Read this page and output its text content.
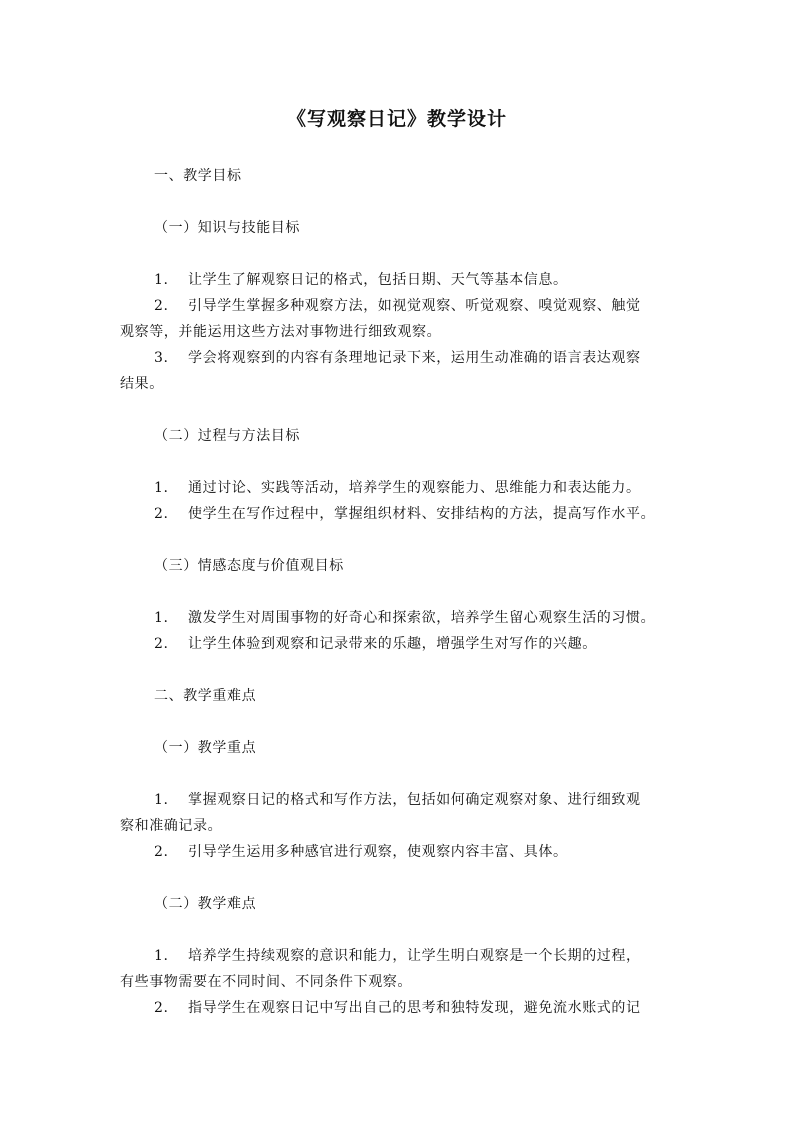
《写观察日记》教学设计
一、教学目标
（一）知识与技能目标
1. 让学生了解观察日记的格式，包括日期、天气等基本信息。
2. 引导学生掌握多种观察方法，如视觉观察、听觉观察、嗅觉观察、触觉
观察等，并能运用这些方法对事物进行细致观察。
3. 学会将观察到的内容有条理地记录下来，运用生动准确的语言表达观察
结果。
（二）过程与方法目标
1. 通过讨论、实践等活动，培养学生的观察能力、思维能力和表达能力。
2. 使学生在写作过程中，掌握组织材料、安排结构的方法，提高写作水平。
（三）情感态度与价值观目标
1. 激发学生对周围事物的好奇心和探索欲，培养学生留心观察生活的习惯。
2. 让学生体验到观察和记录带来的乐趣，增强学生对写作的兴趣。
二、教学重难点
（一）教学重点
1. 掌握观察日记的格式和写作方法，包括如何确定观察对象、进行细致观
察和准确记录。
2. 引导学生运用多种感官进行观察，使观察内容丰富、具体。
（二）教学难点
1. 培养学生持续观察的意识和能力，让学生明白观察是一个长期的过程，
有些事物需要在不同时间、不同条件下观察。
2. 指导学生在观察日记中写出自己的思考和独特发现，避免流水账式的记
